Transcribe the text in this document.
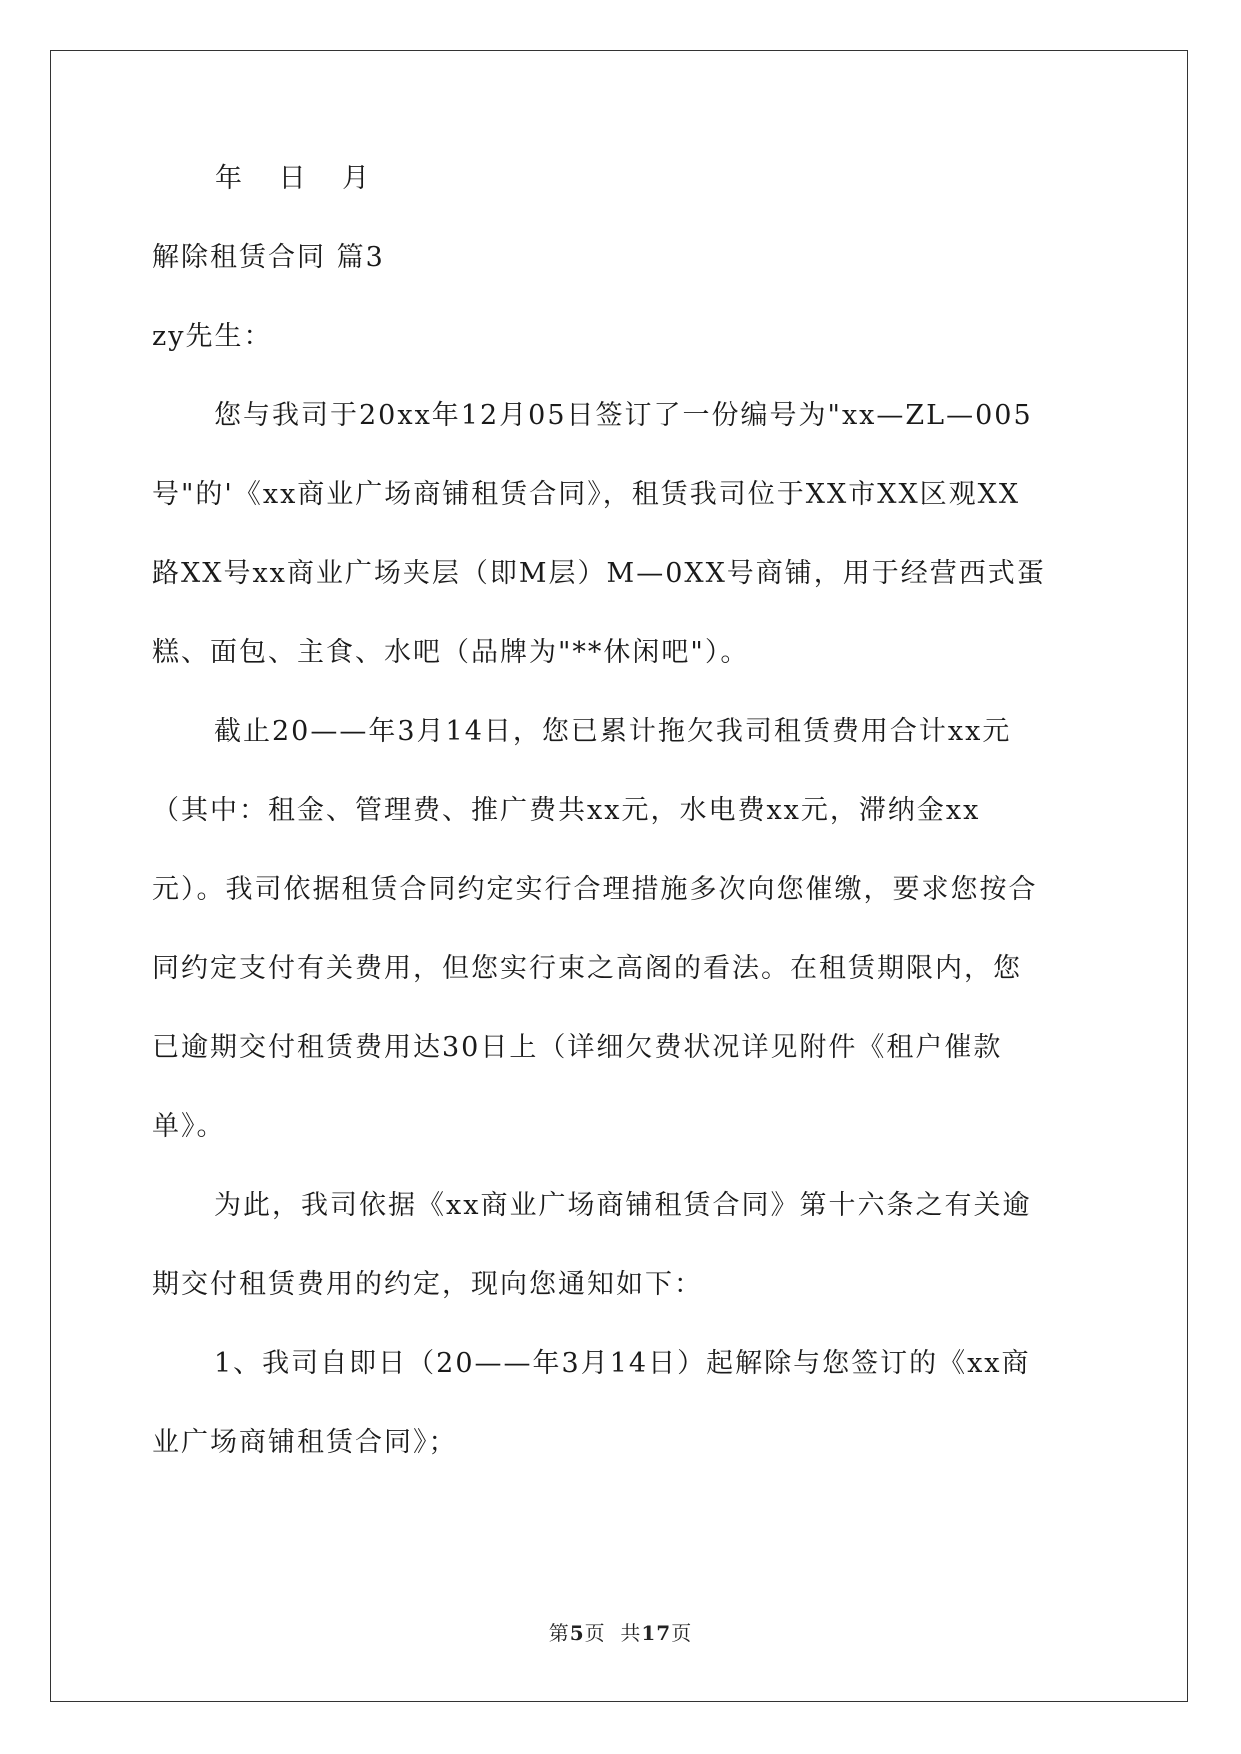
年 日 月
解除租赁合同 篇3
zy先生：
您与我司于20xx年12月05日签订了一份编号为"xx—ZL—005
号"的'《xx商业广场商铺租赁合同》，租赁我司位于XX市XX区观XX
路XX号xx商业广场夹层（即M层）M—0XX号商铺，用于经营西式蛋
糕、面包、主食、水吧（品牌为"**休闲吧"）。
截止20——年3月14日，您已累计拖欠我司租赁费用合计xx元
（其中：租金、管理费、推广费共xx元，水电费xx元，滞纳金xx
元）。我司依据租赁合同约定实行合理措施多次向您催缴，要求您按合
同约定支付有关费用，但您实行束之高阁的看法。在租赁期限内，您
已逾期交付租赁费用达30日上（详细欠费状况详见附件《租户催款
单》。
为此，我司依据《xx商业广场商铺租赁合同》第十六条之有关逾
期交付租赁费用的约定，现向您通知如下：
1、我司自即日（20——年3月14日）起解除与您签订的《xx商
业广场商铺租赁合同》；
第5页  共17页
